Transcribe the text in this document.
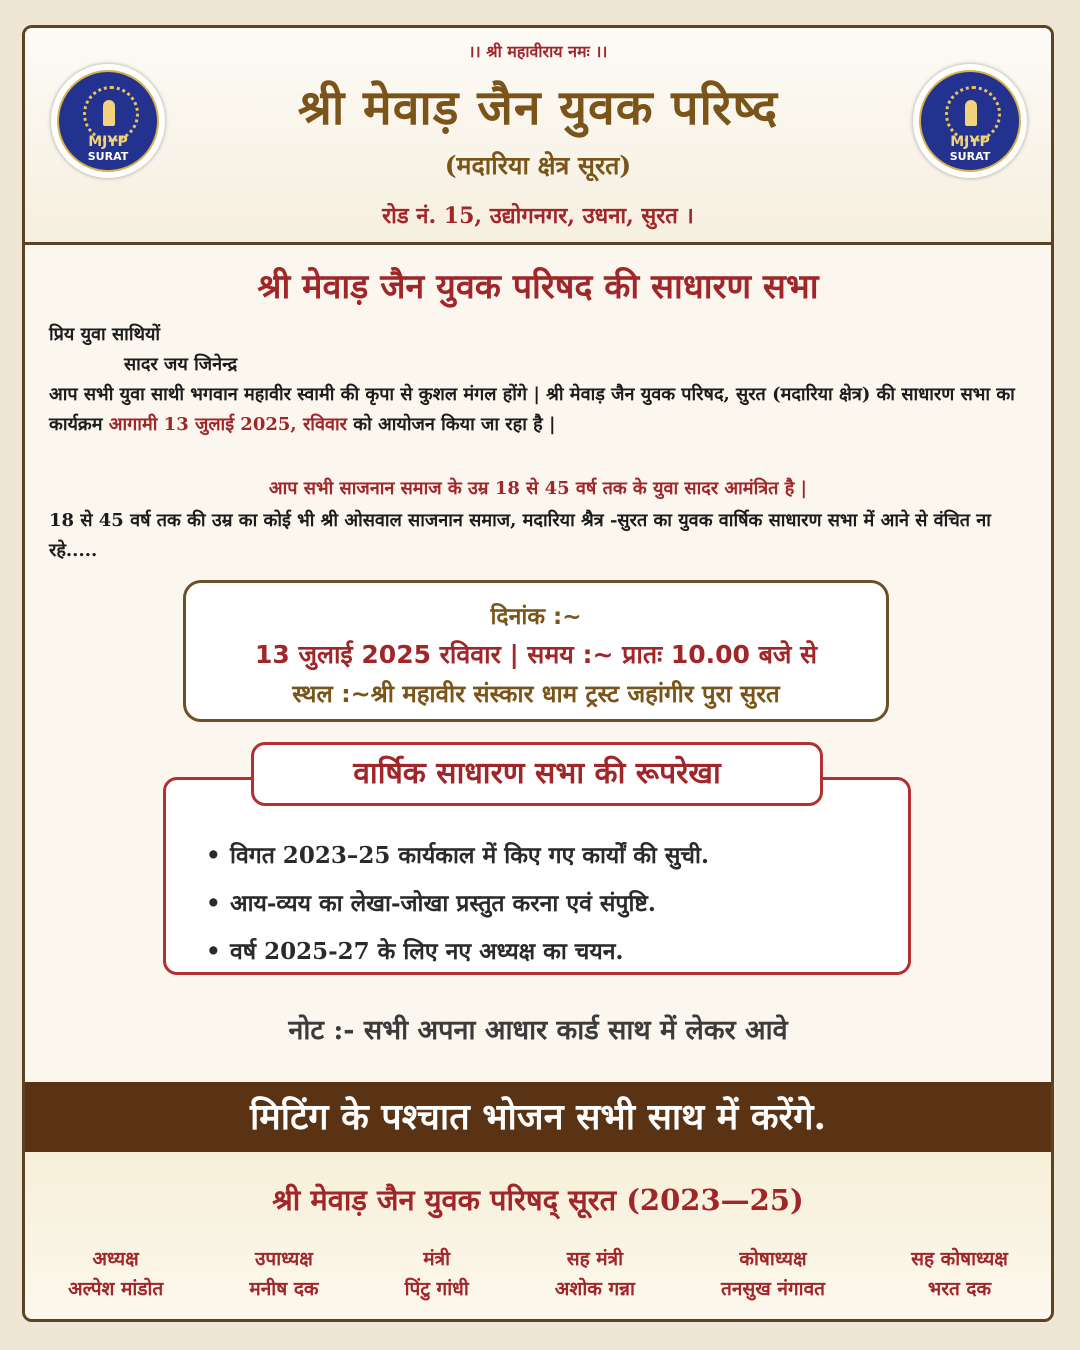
MJYP
SURAT
MJYP
SURAT
।। श्री महावीराय नमः ।।
श्री मेवाड़ जैन युवक परिष्द
(मदारिया क्षेत्र सूरत)
रोड नं. 15, उद्योगनगर, उधना, सुरत ।
श्री मेवाड़ जैन युवक परिषद की साधारण सभा
प्रिय युवा साथियों
सादर जय जिनेन्द्र
आप सभी युवा साथी भगवान महावीर स्वामी की कृपा से कुशल मंगल होंगे | श्री मेवाड़ जैन युवक परिषद, सुरत (मदारिया क्षेत्र) की साधारण सभा का कार्यक्रम आगामी 13 जुलाई 2025, रविवार को आयोजन किया जा रहा है |
आप सभी साजनान समाज के उम्र 18 से 45 वर्ष तक के युवा सादर आमंत्रित है |
18 से 45 वर्ष तक की उम्र का कोई भी श्री ओसवाल साजनान समाज, मदारिया श्रैत्र -सुरत का युवक वार्षिक साधारण सभा में आने से वंचित ना रहे.....
दिनांक :~
13 जुलाई 2025 रविवार | समय :~ प्रातः 10.00 बजे से
स्थल :~श्री महावीर संस्कार धाम ट्रस्ट जहांगीर पुरा सुरत
• विगत 2023–25 कार्यकाल में किए गए कार्यों की सुची.
• आय-व्यय का लेखा-जोखा प्रस्तुत करना एवं संपुष्टि.
• वर्ष 2025-27 के लिए नए अध्यक्ष का चयन.
वार्षिक साधारण सभा की रूपरेखा
नोट :- सभी अपना आधार कार्ड साथ में लेकर आवे
मिटिंग के पश्चात भोजन सभी साथ में करेंगे.
श्री मेवाड़ जैन युवक परिषद् सूरत (2023—25)
अध्यक्ष
अल्पेश मांडोत
उपाध्यक्ष
मनीष दक
मंत्री
पिंटु गांधी
सह मंत्री
अशोक गन्ना
कोषाध्यक्ष
तनसुख नंगावत
सह कोषाध्यक्ष
भरत दक
